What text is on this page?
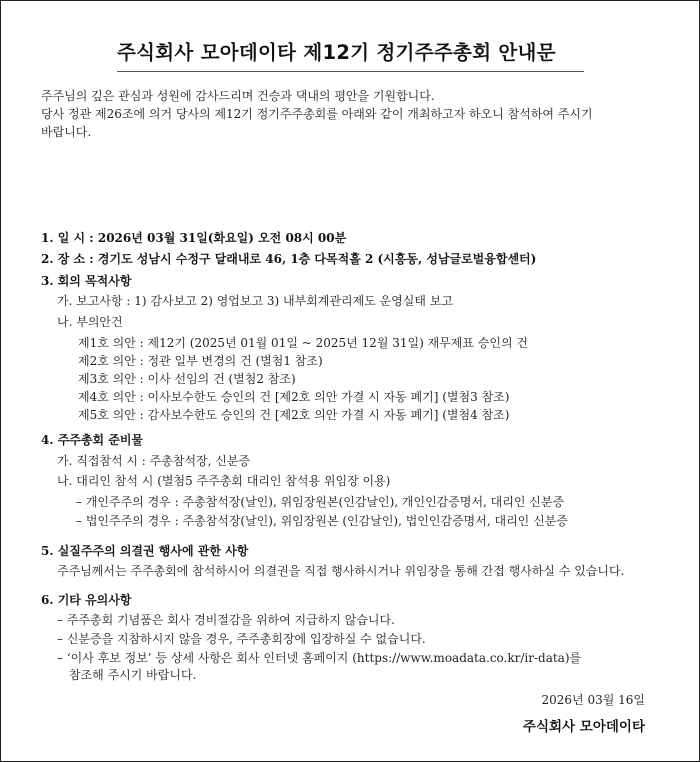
주식회사 모아데이타 제12기 정기주주총회 안내문
주주님의 깊은 관심과 성원에 감사드리며 건승과 댁내의 평안을 기원합니다.
당사 정관 제26조에 의거 당사의 제12기 정기주주총회를 아래와 같이 개최하고자 하오니 참석하여 주시기
바랍니다.
1. 일 시 : 2026년 03월 31일(화요일) 오전 08시 00분
2. 장 소 : 경기도 성남시 수정구 달래내로 46, 1층 다목적홀 2 (시흥동, 성남글로벌융합센터)
3. 회의 목적사항
가. 보고사항 : 1) 감사보고 2) 영업보고 3) 내부회계관리제도 운영실태 보고
나. 부의안건
제1호 의안 : 제12기 (2025년 01월 01일 ~ 2025년 12월 31일) 재무제표 승인의 건
제2호 의안 : 정관 일부 변경의 건 (별첨1 참조)
제3호 의안 : 이사 선임의 건 (별첨2 참조)
제4호 의안 : 이사보수한도 승인의 건 [제2호 의안 가결 시 자동 폐기] (별첨3 참조)
제5호 의안 : 감사보수한도 승인의 건 [제2호 의안 가결 시 자동 폐기] (별첨4 참조)
4. 주주총회 준비물
가. 직접참석 시 : 주총참석장, 신분증
나. 대리인 참석 시 (별첨5 주주총회 대리인 참석용 위임장 이용)
– 개인주주의 경우 : 주총참석장(날인), 위임장원본(인감날인), 개인인감증명서, 대리인 신분증
– 법인주주의 경우 : 주총참석장(날인), 위임장원본 (인감날인), 법인인감증명서, 대리인 신분증
5. 실질주주의 의결권 행사에 관한 사항
주주님께서는 주주총회에 참석하시어 의결권을 직접 행사하시거나 위임장을 통해 간접 행사하실 수 있습니다.
6. 기타 유의사항
– 주주총회 기념품은 회사 경비절감을 위하여 지급하지 않습니다.
– 신분증을 지참하시지 않을 경우, 주주총회장에 입장하실 수 없습니다.
– ‘이사 후보 정보’ 등 상세 사항은 회사 인터넷 홈페이지 (https://www.moadata.co.kr/ir-data)를
참조해 주시기 바랍니다.
2026년 03월 16일
주식회사 모아데이타
